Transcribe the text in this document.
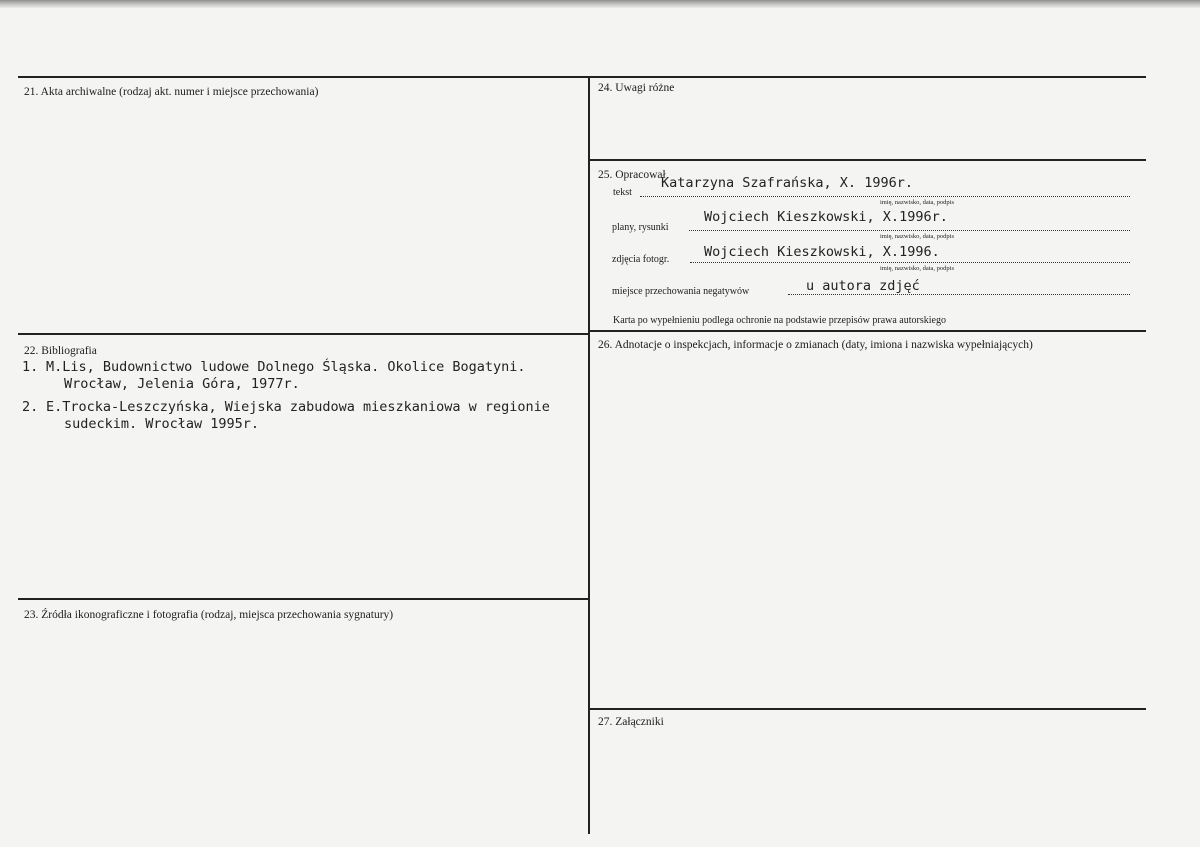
21. Akta archiwalne (rodzaj akt. numer i miejsce przechowania)
22. Bibliografia
1. M.Lis, Budownictwo ludowe Dolnego Śląska. Okolice Bogatyni.
Wrocław, Jelenia Góra, 1977r.
2. E.Trocka-Leszczyńska, Wiejska zabudowa mieszkaniowa w regionie
sudeckim. Wrocław 1995r.
23. Źródła ikonograficzne i fotografia (rodzaj, miejsca przechowania sygnatury)
24. Uwagi różne
25. Opracował
tekst
Katarzyna Szafrańska, X. 1996r.
imię, nazwisko, data, podpis
plany, rysunki
Wojciech Kieszkowski, X.1996r.
imię, nazwisko, data, podpis
zdjęcia fotogr.	Wojciech Kieszkowski, X.1996.
imię, nazwisko, data, podpis
miejsce przechowania negatywów	u autora zdjęć
Karta po wypełnieniu podlega ochronie na podstawie przepisów prawa autorskiego
26. Adnotacje o inspekcjach, informacje o zmianach (daty, imiona i nazwiska wypełniających)
27. Załączniki
